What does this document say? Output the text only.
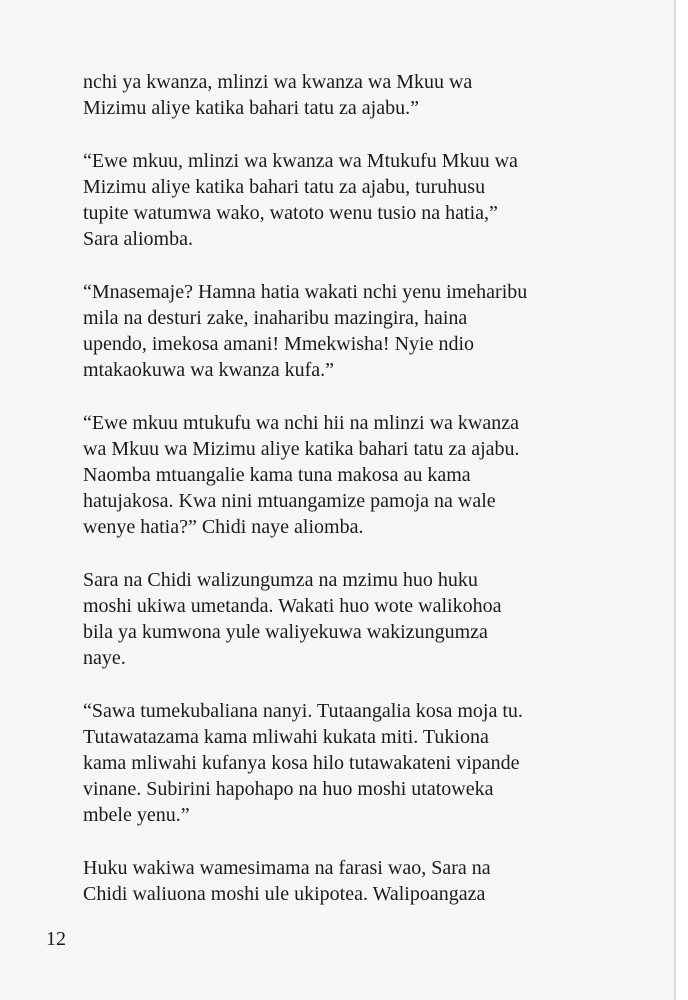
nchi ya kwanza, mlinzi wa kwanza wa Mkuu wa
Mizimu aliye katika bahari tatu za ajabu.”

“Ewe mkuu, mlinzi wa kwanza wa Mtukufu Mkuu wa
Mizimu aliye katika bahari tatu za ajabu, turuhusu
tupite watumwa wako, watoto wenu tusio na hatia,”
Sara aliomba.

“Mnasemaje? Hamna hatia wakati nchi yenu imeharibu
mila na desturi zake, inaharibu mazingira, haina
upendo, imekosa amani! Mmekwisha! Nyie ndio
mtakaokuwa wa kwanza kufa.”

“Ewe mkuu mtukufu wa nchi hii na mlinzi wa kwanza
wa Mkuu wa Mizimu aliye katika bahari tatu za ajabu.
Naomba mtuangalie kama tuna makosa au kama
hatujakosa. Kwa nini mtuangamize pamoja na wale
wenye hatia?” Chidi naye aliomba.

Sara na Chidi walizungumza na mzimu huo huku
moshi ukiwa umetanda. Wakati huo wote walikohoa
bila ya kumwona yule waliyekuwa wakizungumza
naye.

“Sawa tumekubaliana nanyi. Tutaangalia kosa moja tu.
Tutawatazama kama mliwahi kukata miti. Tukiona
kama mliwahi kufanya kosa hilo tutawakateni vipande
vinane. Subirini hapohapo na huo moshi utatoweka
mbele yenu.”

Huku wakiwa wamesimama na farasi wao, Sara na
Chidi waliuona moshi ule ukipotea. Walipoangaza

12
